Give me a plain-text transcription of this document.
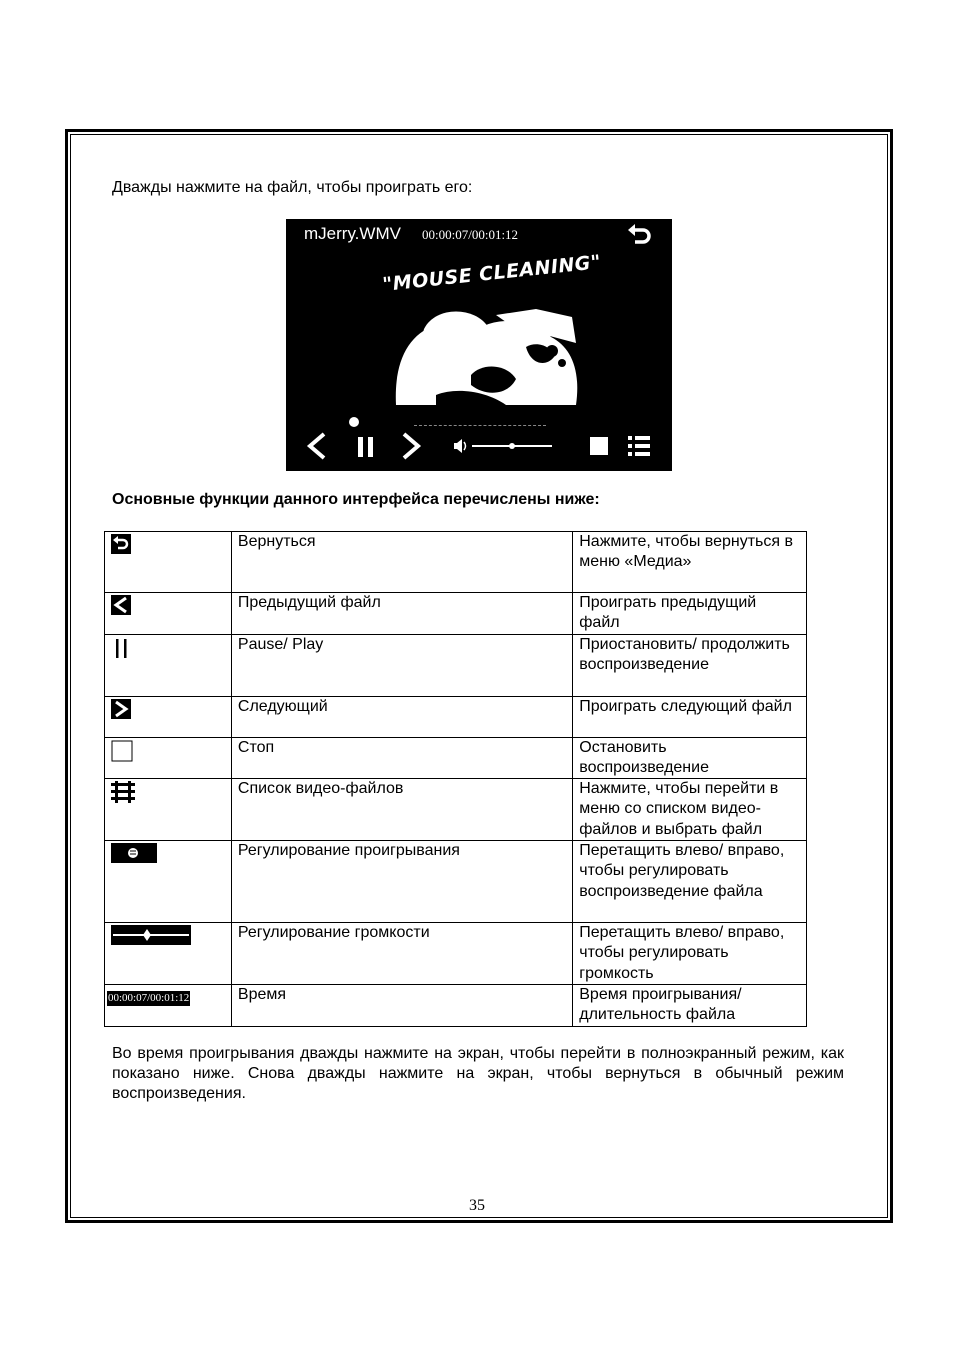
Дважды нажмите на файл, чтобы проиграть его:

mJerry.WMV 00:00:07/00:01:12
"MOUSE CLEANING"

Основные функции данного интерфейса перечислены ниже:

	Вернуться	Нажмите, чтобы вернуться в меню «Медиа»
	Предыдущий файл	Проиграть предыдущий файл
	Pause/ Play	Приостановить/ продолжить воспроизведение
	Следующий	Проиграть следующий файл
	Стоп	Остановить воспроизведение
	Список видео-файлов	Нажмите, чтобы перейти в меню со списком видео-файлов и выбрать файл
	Регулирование проигрывания	Перетащить влево/ вправо, чтобы регулировать воспроизведение файла
	Регулирование громкости	Перетащить влево/ вправо, чтобы регулировать громкость
00:00:07/00:01:12	Время	Время проигрывания/ длительность файла

Во время проигрывания дважды нажмите на экран, чтобы перейти в полноэкранный режим, как показано ниже. Снова дважды нажмите на экран, чтобы вернуться в обычный режим воспроизведения.

35
